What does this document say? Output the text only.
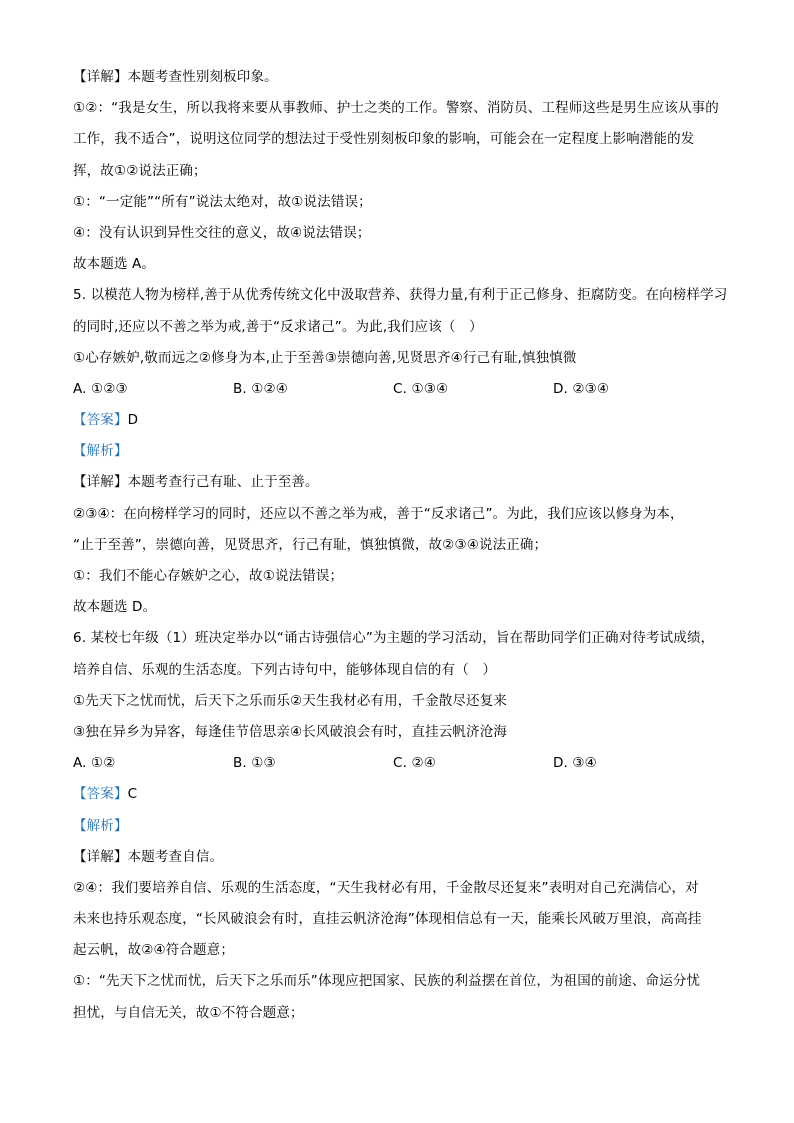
【详解】本题考查性别刻板印象。
①②：“我是女生，所以我将来要从事教师、护士之类的工作。警察、消防员、工程师这些是男生应该从事的
工作，我不适合”，说明这位同学的想法过于受性别刻板印象的影响，可能会在一定程度上影响潜能的发
挥，故①②说法正确；
①：“一定能”“所有”说法太绝对，故①说法错误；
④：没有认识到异性交往的意义，故④说法错误；
故本题选 A。
5. 以模范人物为榜样,善于从优秀传统文化中汲取营养、获得力量,有利于正己修身、拒腐防变。在向榜样学习
的同时,还应以不善之举为戒,善于“反求诸己”。为此,我们应该（　）
①心存嫉妒,敬而远之②修身为本,止于至善③崇德向善,见贤思齐④行己有耻,慎独慎微
A. ①②③	B. ①②④	C. ①③④	D. ②③④
【答案】D
【解析】
【详解】本题考查行己有耻、止于至善。
②③④：在向榜样学习的同时，还应以不善之举为戒，善于“反求诸己”。为此，我们应该以修身为本，
“止于至善”，崇德向善，见贤思齐，行己有耻，慎独慎微，故②③④说法正确；
①：我们不能心存嫉妒之心，故①说法错误；
故本题选 D。
6. 某校七年级（1）班决定举办以“诵古诗强信心”为主题的学习活动，旨在帮助同学们正确对待考试成绩，
培养自信、乐观的生活态度。下列古诗句中，能够体现自信的有（　）
①先天下之忧而忧，后天下之乐而乐②天生我材必有用，千金散尽还复来
③独在异乡为异客，每逢佳节倍思亲④长风破浪会有时，直挂云帆济沧海
A. ①②	B. ①③	C. ②④	D. ③④
【答案】C
【解析】
【详解】本题考查自信。
②④：我们要培养自信、乐观的生活态度，“天生我材必有用，千金散尽还复来”表明对自己充满信心，对
未来也持乐观态度，“长风破浪会有时，直挂云帆济沧海”体现相信总有一天，能乘长风破万里浪，高高挂
起云帆，故②④符合题意；
①：“先天下之忧而忧，后天下之乐而乐”体现应把国家、民族的利益摆在首位，为祖国的前途、命运分忧
担忧，与自信无关，故①不符合题意；
